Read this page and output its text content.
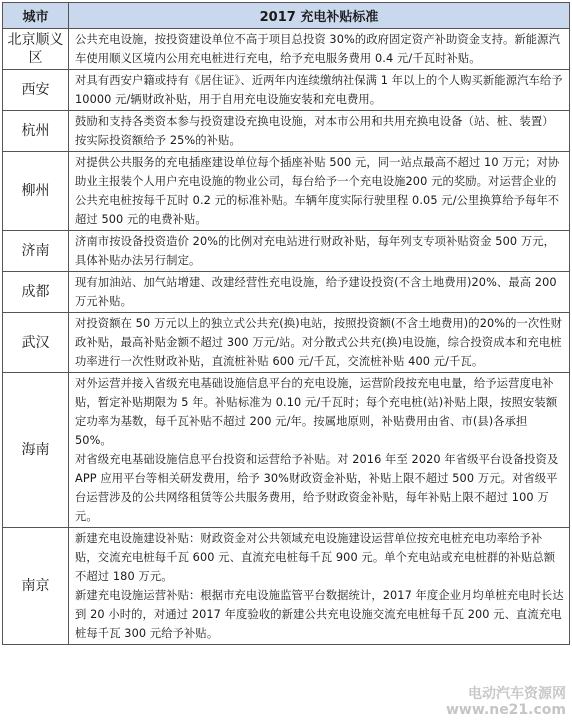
城市	2017 充电补贴标准
北京顺义区	公共充电设施，按投资建设单位不高于项目总投资 30%的政府固定资产补助资金支持。新能源汽车使用顺义区境内公用充电桩进行充电，给予充电服务费用 0.4 元/千瓦时补贴。

西安	对具有西安户籍或持有《居住证》、近两年内连续缴纳社保满 1 年以上的个人购买新能源汽车给予 10000 元/辆财政补贴，用于自用充电设施安装和充电费用。

杭州	鼓励和支持各类资本参与投资建设充换电设施，对本市公用和共用充换电设备（站、桩、装置）按实际投资额给予 25%的补贴。

柳州	对提供公共服务的充电插座建设单位每个插座补贴 500 元，同一站点最高不超过 10 万元；对协助业主报装个人用户充电设施的物业公司，每台给予一个充电设施200 元的奖励。对运营企业的公共充电桩按每千瓦时 0.2 元的标准补贴。车辆年度实际行驶里程 0.05 元/公里换算给予每年不超过 500 元的电费补贴。

济南	济南市按设备投资造价 20%的比例对充电站进行财政补贴，每年列支专项补贴资金 500 万元，具体补贴办法另行制定。

成都	现有加油站、加气站增建、改建经营性充电设施，给予建设投资(不含土地费用)20%、最高 200 万元补贴。

武汉	对投资额在 50 万元以上的独立式公共充(换)电站，按照投资额(不含土地费用)的20%的一次性财政补贴，最高补贴金额不超过 300 万元/站。对分散式公共充(换)电设施，综合投资成本和充电桩功率进行一次性财政补贴，直流桩补贴 600 元/千瓦，交流桩补贴 400 元/千瓦。

海南	对外运营并接入省级充电基础设施信息平台的充电设施，运营阶段按充电电量，给予运营度电补贴，暂定补贴期限为 5 年。补贴标准为 0.10 元/千瓦时；每个充电桩(站)补贴上限，按照安装额定功率为基数，每千瓦补贴不超过 200 元/年。按属地原则，补贴费用由省、市(县)各承担 50%。
对省级充电基础设施信息平台投资和运营给予补贴。对 2016 年至 2020 年省级平台设备投资及 APP 应用平台等相关研发费用，给予 30%财政资金补贴，补贴上限不超过 500 万元。对省级平台运营涉及的公共网络租赁等公共服务费用，给予财政资金补贴，每年补贴上限不超过 100 万元。

南京	新建充电设施建设补贴：财政资金对公共领域充电设施建设运营单位按充电桩充电功率给予补贴，交流充电桩每千瓦 600 元、直流充电桩每千瓦 900 元。单个充电站或充电桩群的补贴总额不超过 180 万元。
新建充电设施运营补贴：根据市充电设施监管平台数据统计，2017 年度企业月均单桩充电时长达到 20 小时的，对通过 2017 年度验收的新建公共充电设施交流充电桩每千瓦 200 元、直流充电桩每千瓦 300 元给予补贴。
电动汽车资源网
www.ne21.com
